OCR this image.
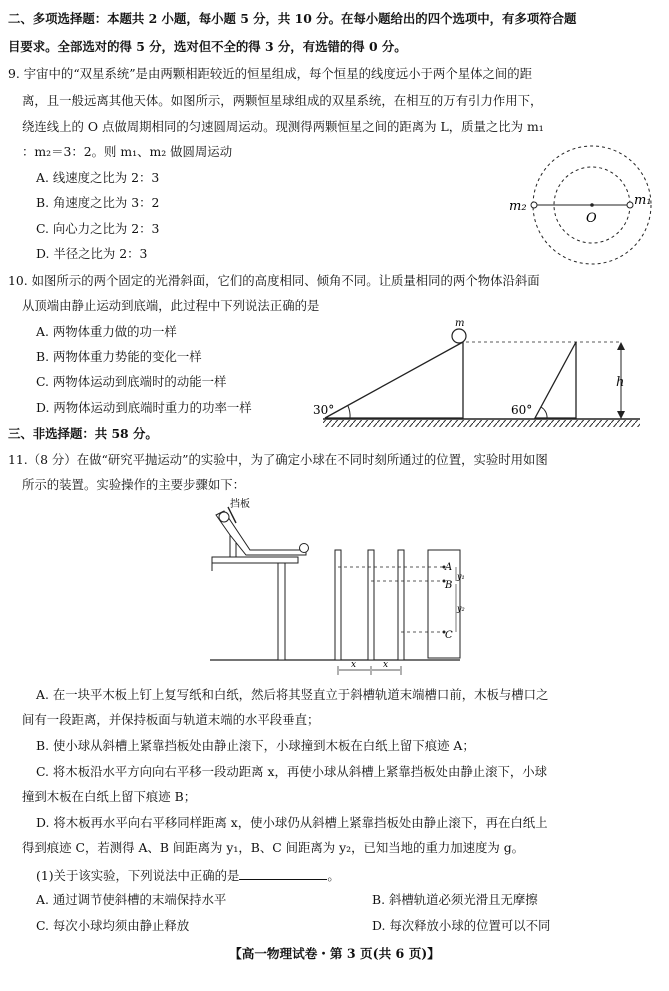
二、多项选择题：本题共 2 小题，每小题 5 分，共 10 分。在每小题给出的四个选项中，有多项符合题
目要求。全部选对的得 5 分，选对但不全的得 3 分，有选错的得 0 分。
9. 宇宙中的“双星系统”是由两颗相距较近的恒星组成，每个恒星的线度远小于两个星体之间的距
离，且一般远离其他天体。如图所示，两颗恒星球组成的双星系统，在相互的万有引力作用下，
绕连线上的 O 点做周期相同的匀速圆周运动。现测得两颗恒星之间的距离为 L，质量之比为 m₁
：m₂＝3：2。则 m₁、m₂ 做圆周运动
A. 线速度之比为 2：3
B. 角速度之比为 3：2
C. 向心力之比为 2：3
D. 半径之比为 2：3
m₂
O
m₁
10. 如图所示的两个固定的光滑斜面，它们的高度相同、倾角不同。让质量相同的两个物体沿斜面
从顶端由静止运动到底端，此过程中下列说法正确的是
A. 两物体重力做的功一样
B. 两物体重力势能的变化一样
C. 两物体运动到底端时的动能一样
D. 两物体运动到底端时重力的功率一样
m
30°	60°
h
三、非选择题：共 58 分。
11.（8 分）在做“研究平抛运动”的实验中，为了确定小球在不同时刻所通过的位置，实验时用如图
所示的装置。实验操作的主要步骤如下：
挡板
A
B
C
y₁
y₂
x	x
A. 在一块平木板上钉上复写纸和白纸，然后将其竖直立于斜槽轨道末端槽口前，木板与槽口之
间有一段距离，并保持板面与轨道末端的水平段垂直；
B. 使小球从斜槽上紧靠挡板处由静止滚下，小球撞到木板在白纸上留下痕迹 A；
C. 将木板沿水平方向向右平移一段动距离 x，再使小球从斜槽上紧靠挡板处由静止滚下，小球
撞到木板在白纸上留下痕迹 B；
D. 将木板再水平向右平移同样距离 x，使小球仍从斜槽上紧靠挡板处由静止滚下，再在白纸上
得到痕迹 C，若测得 A、B 间距离为 y₁，B、C 间距离为 y₂，已知当地的重力加速度为 g。
(1)关于该实验，下列说法中正确的是	。
A. 通过调节使斜槽的末端保持水平	B. 斜槽轨道必须光滑且无摩擦
C. 每次小球均须由静止释放	D. 每次释放小球的位置可以不同
【高一物理试卷・第 3 页(共 6 页)】
